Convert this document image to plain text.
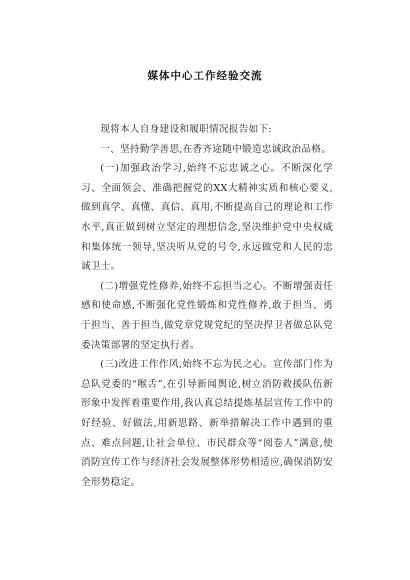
媒体中心工作经验交流

现将本人自身建设和履职情况报告如下:

一、坚持勤学善思,在香齐途随中锻造忠诚政治品格。

(一)加强政治学习,始终不忘忠诚之心。不断深化学习、全面领会、准确把握党的XX大精神实质和核心要义,做到真学、真懂、真信、真用,不断提高自己的理论和工作水平,真正做到树立坚定的理想信念,坚决维护党中央权威和集体统一领导,坚决听从党的号令,永远做党和人民的忠诚卫士。

(二)增强党性修养,始终不忘担当之心。不断增强责任感和使命感,不断强化党性锻炼和党性修养,敢于担当、勇于担当、善于担当,做党章党规党纪的坚决捍卫者做总队党委决策部署的坚定执行者。

(三)改进工作作风,始终不忘为民之心。宣传部门作为总队党委的“喉舌”,在引导新闻舆论,树立消防救援队伍新形象中发挥着重要作用,我认真总结提炼基层宣传工作中的好经验、好做法,用新思路、新举措解决工作中遇到的重点、难点问题,让社会单位、市民群众等“阅卷人”满意,使消防宣传工作与经济社会发展整体形势相适应,确保消防安全形势稳定。
